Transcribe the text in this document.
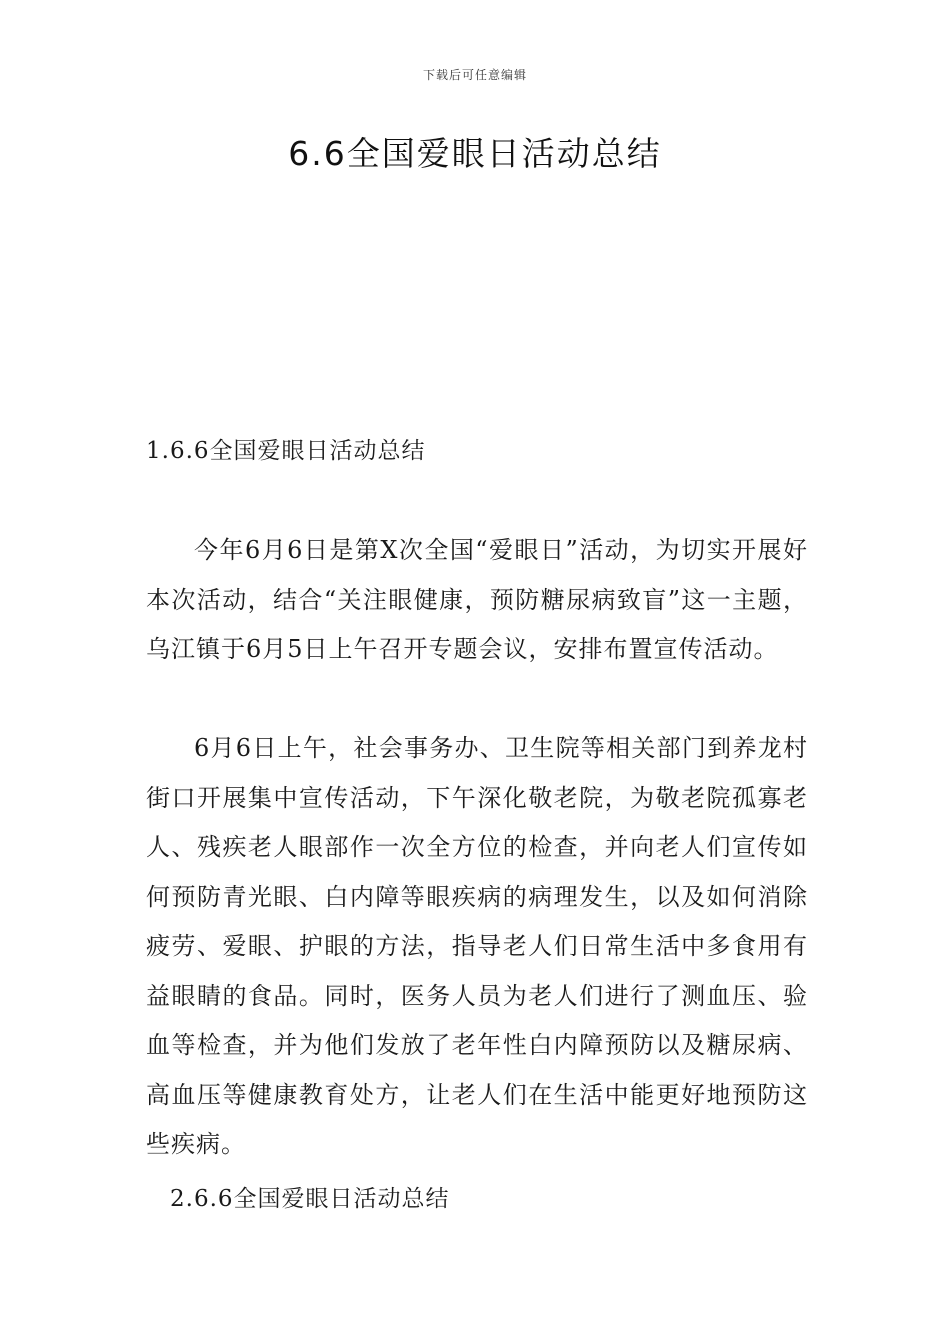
下载后可任意编辑
6.6全国爱眼日活动总结
1.6.6全国爱眼日活动总结

今年6月6日是第X次全国“爱眼日”活动，为切实开展好本次活动，结合“关注眼健康，预防糖尿病致盲”这一主题，乌江镇于6月5日上午召开专题会议，安排布置宣传活动。

6月6日上午，社会事务办、卫生院等相关部门到养龙村街口开展集中宣传活动，下午深化敬老院，为敬老院孤寡老人、残疾老人眼部作一次全方位的检查，并向老人们宣传如何预防青光眼、白内障等眼疾病的病理发生，以及如何消除疲劳、爱眼、护眼的方法，指导老人们日常生活中多食用有益眼睛的食品。同时，医务人员为老人们进行了测血压、验血等检查，并为他们发放了老年性白内障预防以及糖尿病、高血压等健康教育处方，让老人们在生活中能更好地预防这些疾病。

2.6.6全国爱眼日活动总结
